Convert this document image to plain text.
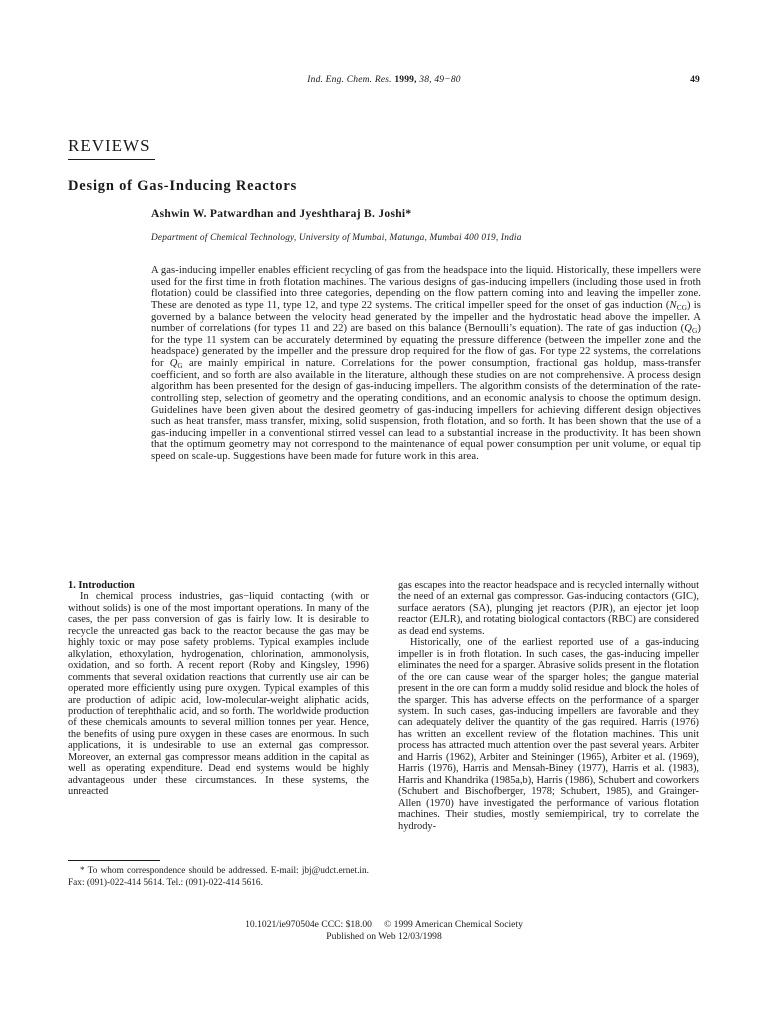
Ind. Eng. Chem. Res. 1999, 38, 49−80	49
REVIEWS
Design of Gas-Inducing Reactors
Ashwin W. Patwardhan and Jyeshtharaj B. Joshi*
Department of Chemical Technology, University of Mumbai, Matunga, Mumbai 400 019, India
A gas-inducing impeller enables efficient recycling of gas from the headspace into the liquid. Historically, these impellers were used for the first time in froth flotation machines. The various designs of gas-inducing impellers (including those used in froth flotation) could be classified into three categories, depending on the flow pattern coming into and leaving the impeller zone. These are denoted as type 11, type 12, and type 22 systems. The critical impeller speed for the onset of gas induction $(N_{CG})$ is governed by a balance between the velocity head generated by the impeller and the hydrostatic head above the impeller. A number of correlations (for types 11 and 22) are based on this balance (Bernoulli’s equation). The rate of gas induction $(Q_G)$ for the type 11 system can be accurately determined by equating the pressure difference (between the impeller zone and the headspace) generated by the impeller and the pressure drop required for the flow of gas. For type 22 systems, the correlations for $Q_G$ are mainly empirical in nature. Correlations for the power consumption, fractional gas holdup, mass-transfer coefficient, and so forth are also available in the literature, although these studies on are not comprehensive. A process design algorithm has been presented for the design of gas-inducing impellers. The algorithm consists of the determination of the rate-controlling step, selection of geometry and the operating conditions, and an economic analysis to choose the optimum design. Guidelines have been given about the desired geometry of gas-inducing impellers for achieving different design objectives such as heat transfer, mass transfer, mixing, solid suspension, froth flotation, and so forth. It has been shown that the use of a gas-inducing impeller in a conventional stirred vessel can lead to a substantial increase in the productivity. It has been shown that the optimum geometry may not correspond to the maintenance of equal power consumption per unit volume, or equal tip speed on scale-up. Suggestions have been made for future work in this area.

1. Introduction

In chemical process industries, gas−liquid contacting (with or without solids) is one of the most important operations. In many of the cases, the per pass conversion of gas is fairly low. It is desirable to recycle the unreacted gas back to the reactor because the gas may be highly toxic or may pose safety problems. Typical examples include alkylation, ethoxylation, hydrogenation, chlorination, ammonolysis, oxidation, and so forth. A recent report (Roby and Kingsley, 1996) comments that several oxidation reactions that currently use air can be operated more efficiently using pure oxygen. Typical examples of this are production of adipic acid, low-molecular-weight aliphatic acids, production of terephthalic acid, and so forth. The worldwide production of these chemicals amounts to several million tonnes per year. Hence, the benefits of using pure oxygen in these cases are enormous. In such applications, it is undesirable to use an external gas compressor. Moreover, an external gas compressor means addition in the capital as well as operating expenditure. Dead end systems would be highly advantageous under these circumstances. In these systems, the unreacted

gas escapes into the reactor headspace and is recycled internally without the need of an external gas compressor. Gas-inducing contactors (GIC), surface aerators (SA), plunging jet reactors (PJR), an ejector jet loop reactor (EJLR), and rotating biological contactors (RBC) are considered as dead end systems.

Historically, one of the earliest reported use of a gas-inducing impeller is in froth flotation. In such cases, the gas-inducing impeller eliminates the need for a sparger. Abrasive solids present in the flotation of the ore can cause wear of the sparger holes; the gangue material present in the ore can form a muddy solid residue and block the holes of the sparger. This has adverse effects on the performance of a sparger system. In such cases, gas-inducing impellers are favorable and they can adequately deliver the quantity of the gas required. Harris (1976) has written an excellent review of the flotation machines. This unit process has attracted much attention over the past several years. Arbiter and Harris (1962), Arbiter and Steininger (1965), Arbiter et al. (1969), Harris (1976), Harris and Mensah-Biney (1977), Harris et al. (1983), Harris and Khandrika (1985a,b), Harris (1986), Schubert and coworkers (Schubert and Bischofberger, 1978; Schubert, 1985), and Grainger-Allen (1970) have investigated the performance of various flotation machines. Their studies, mostly semiempirical, try to correlate the hydrody-

* To whom correspondence should be addressed. E-mail: jbj@udct.ernet.in. Fax: (091)-022-414 5614. Tel.: (091)-022-414 5616.
10.1021/ie970504e CCC: $18.00 © 1999 American Chemical Society
Published on Web 12/03/1998
